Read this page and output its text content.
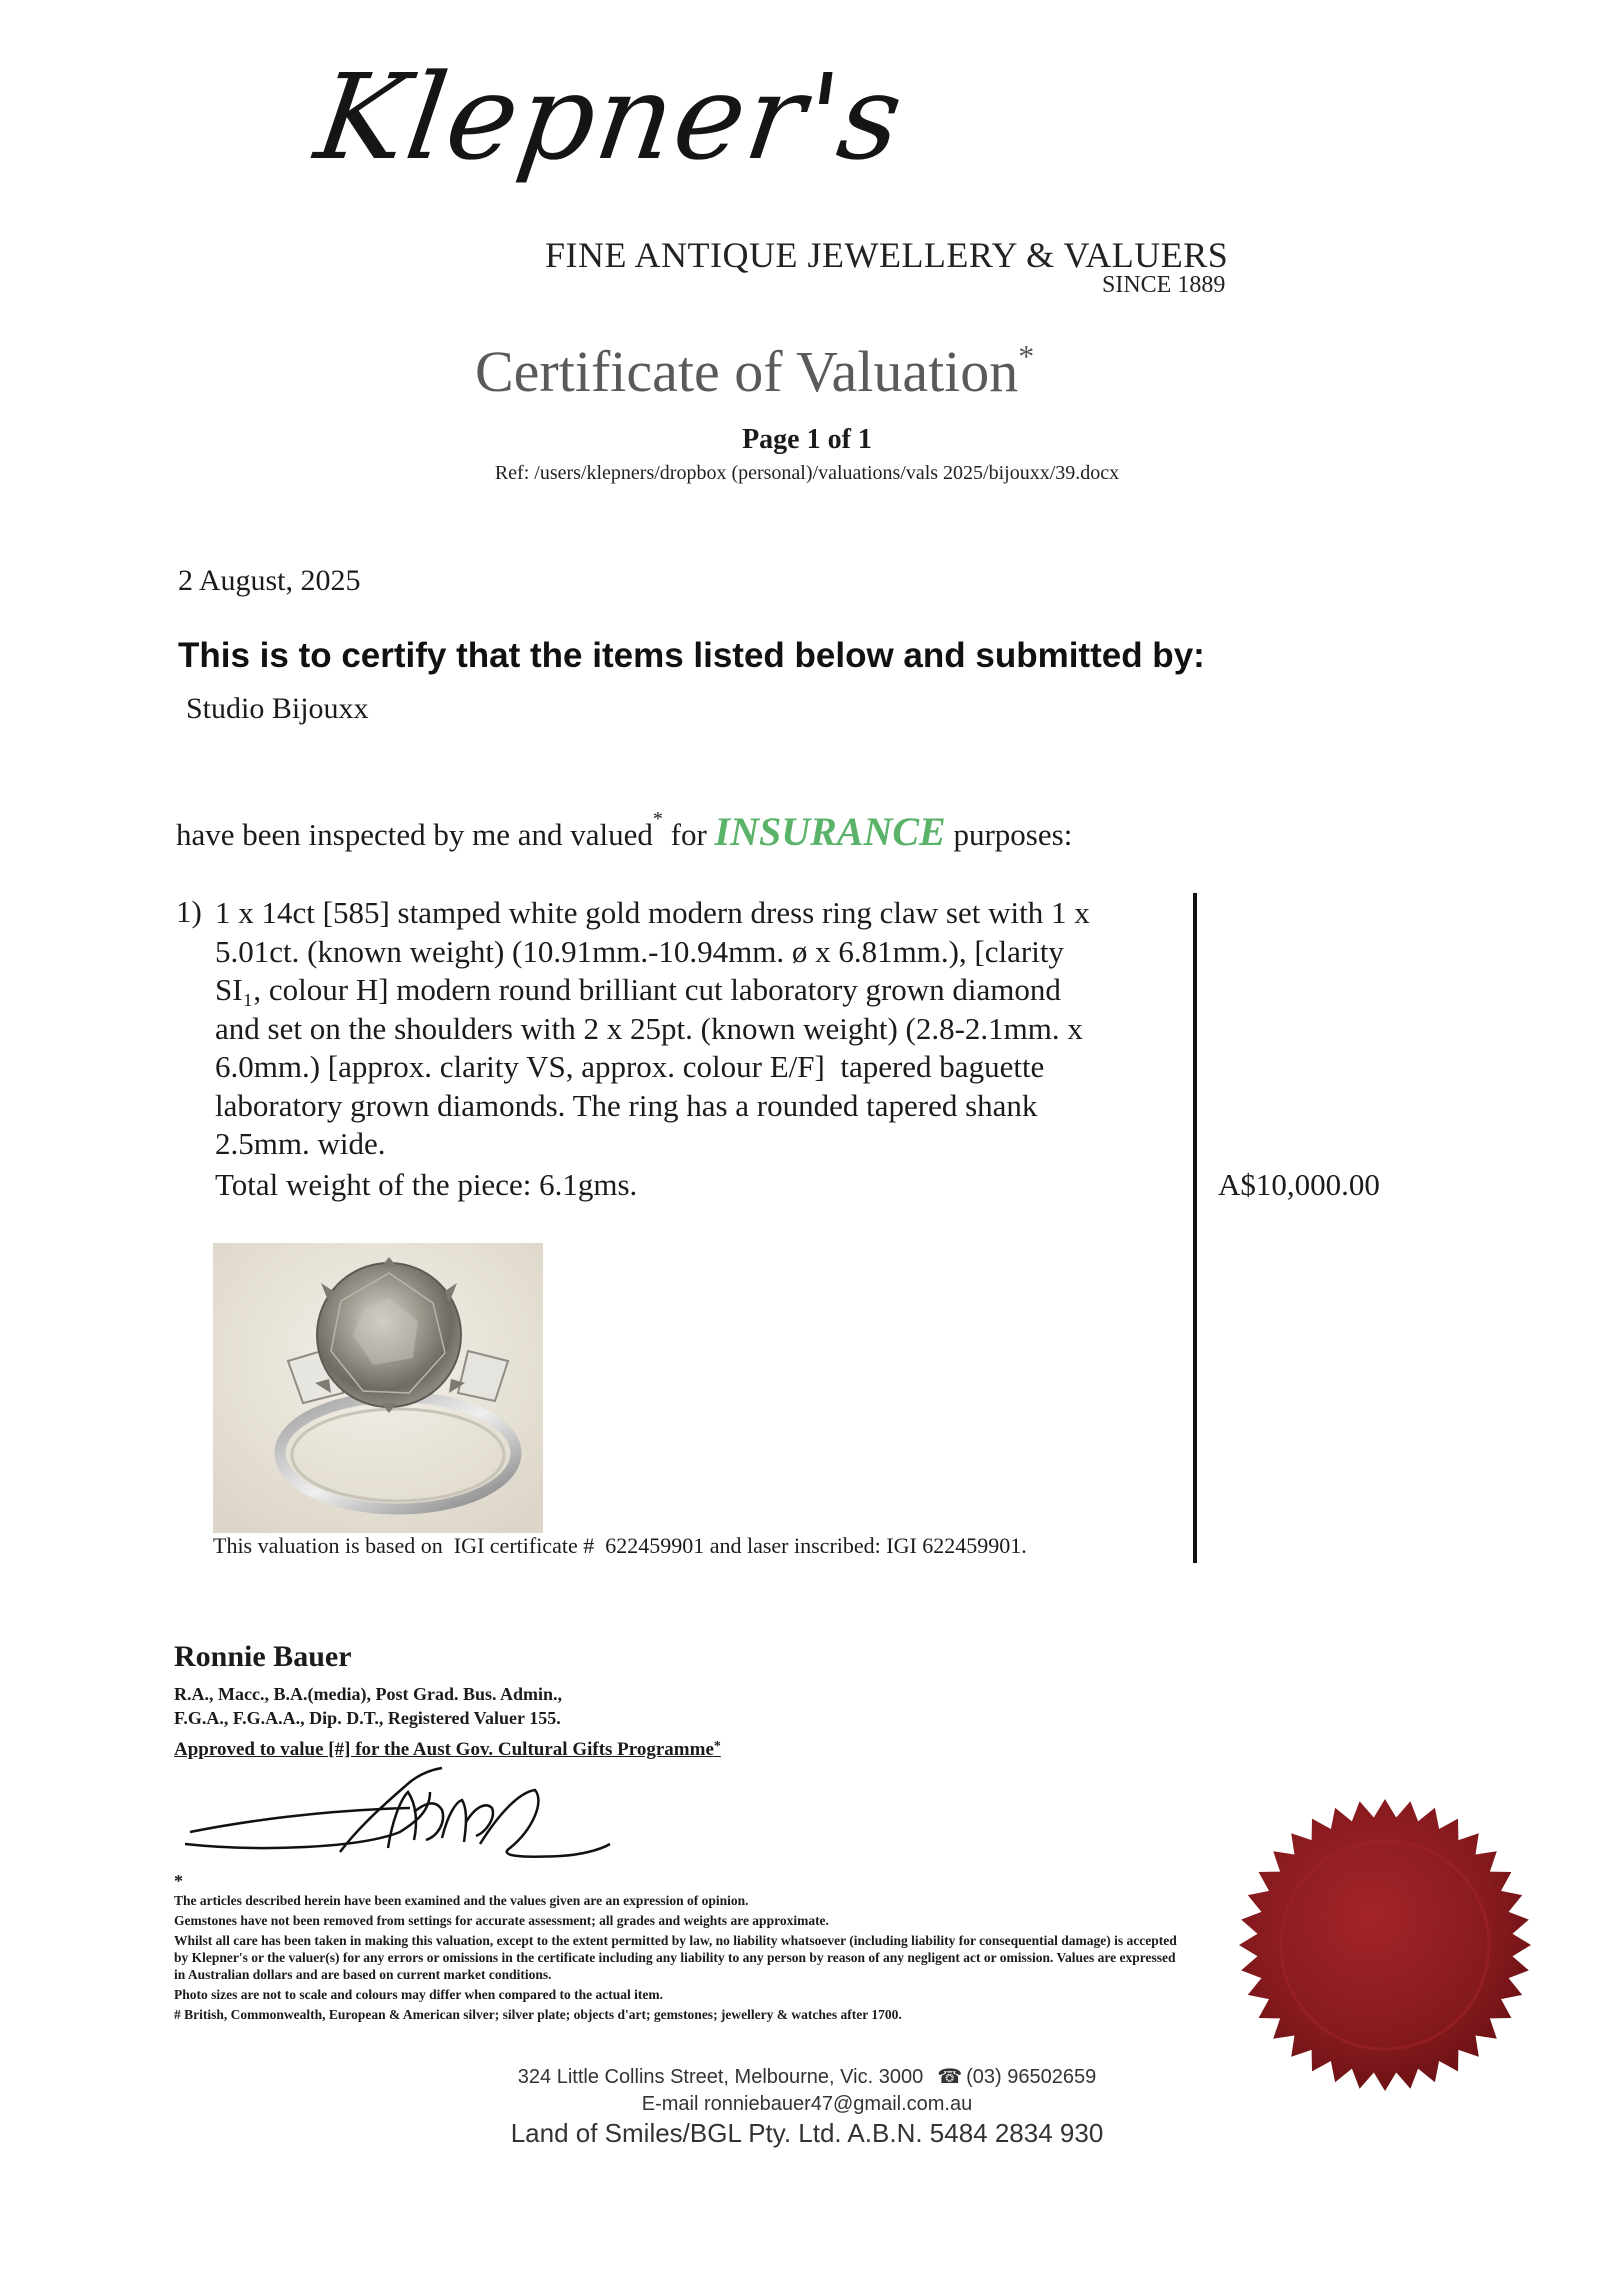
Klepner's
FINE ANTIQUE JEWELLERY & VALUERS
SINCE 1889
Certificate of Valuation*
Page 1 of 1
Ref: /users/klepners/dropbox (personal)/valuations/vals 2025/bijouxx/39.docx
2 August, 2025
This is to certify that the items listed below and submitted by:
Studio Bijouxx
have been inspected by me and valued* for INSURANCE purposes:
1) 1 x 14ct [585] stamped white gold modern dress ring claw set with 1 x
5.01ct. (known weight) (10.91mm.-10.94mm. ø x 6.81mm.), [clarity
SI₁, colour H] modern round brilliant cut laboratory grown diamond
and set on the shoulders with 2 x 25pt. (known weight) (2.8-2.1mm. x
6.0mm.) [approx. clarity VS, approx. colour E/F]  tapered baguette
laboratory grown diamonds. The ring has a rounded tapered shank
2.5mm. wide.
Total weight of the piece: 6.1gms.	A$10,000.00
This valuation is based on  IGI certificate #  622459901 and laser inscribed: IGI 622459901.
Ronnie Bauer
R.A., Macc., B.A.(media), Post Grad. Bus. Admin.,
F.G.A., F.G.A.A., Dip. D.T., Registered Valuer 155.
Approved to value [#] for the Aust Gov. Cultural Gifts Programme*
*
The articles described herein have been examined and the values given are an expression of opinion.
Gemstones have not been removed from settings for accurate assessment; all grades and weights are approximate.
Whilst all care has been taken in making this valuation, except to the extent permitted by law, no liability whatsoever (including liability for consequential damage) is accepted by Klepner's or the valuer(s) for any errors or omissions in the certificate including any liability to any person by reason of any negligent act or omission. Values are expressed in Australian dollars and are based on current market conditions.
Photo sizes are not to scale and colours may differ when compared to the actual item.
# British, Commonwealth, European & American silver; silver plate; objects d'art; gemstones; jewellery & watches after 1700.
324 Little Collins Street, Melbourne, Vic. 3000 ☎ (03) 96502659
E-mail ronniebauer47@gmail.com.au
Land of Smiles/BGL Pty. Ltd. A.B.N. 5484 2834 930
